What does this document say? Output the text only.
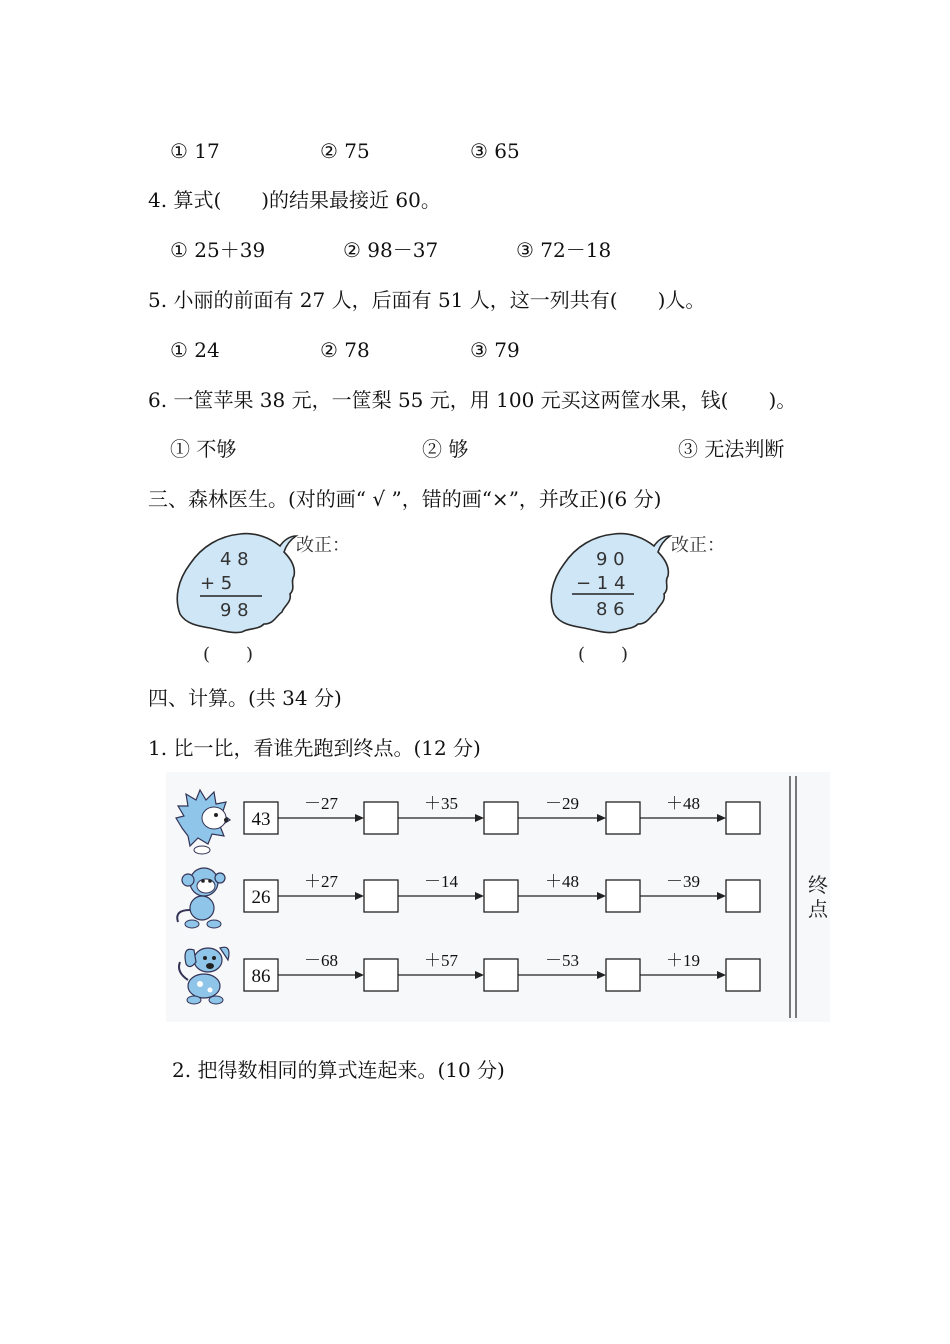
① 17	② 75	③ 65
4. 算式(　　)的结果最接近 60。
① 25＋39	② 98－37	③ 72－18
5. 小丽的前面有 27 人，后面有 51 人，这一列共有(　　)人。
① 24	② 78	③ 79
6. 一筐苹果 38 元，一筐梨 55 元，用 100 元买这两筐水果，钱(　　)。
① 不够	② 够	③ 无法判断
三、森林医生。(对的画“ √ ”，错的画“×”，并改正)(6 分)
4 8
+ 5
9 8
改正：
(　　)
9 0
− 1 4
8 6
改正：
(　　)
四、计算。(共 34 分)
1. 比一比，看谁先跑到终点。(12 分)
终
点
43
－27	＋35	－29	＋48
26
＋27	－14	＋48	－39
86
－68	＋57	－53	＋19
2. 把得数相同的算式连起来。(10 分)
